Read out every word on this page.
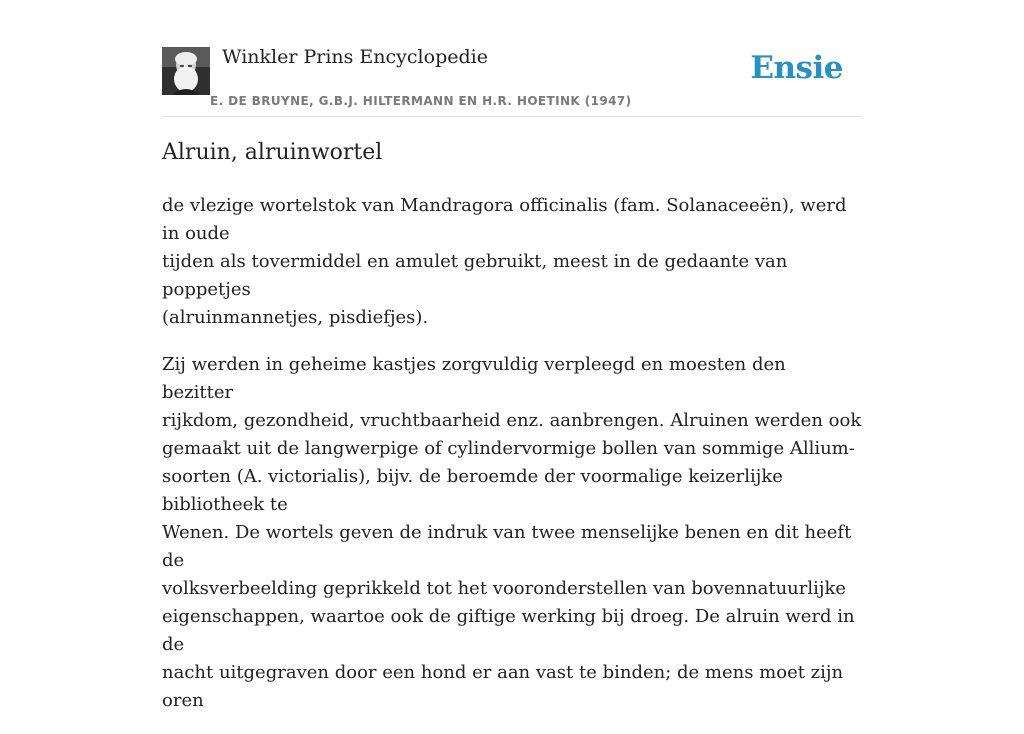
Winkler Prins Encyclopedie
E. DE BRUYNE, G.B.J. HILTERMANN EN H.R. HOETINK (1947)
Ensie
Alruin, alruinwortel

de vlezige wortelstok van Mandragora officinalis (fam. Solanaceeën), werd in oude
tijden als tovermiddel en amulet gebruikt, meest in de gedaante van poppetjes
(alruinmannetjes, pisdiefjes).

Zij werden in geheime kastjes zorgvuldig verpleegd en moesten den bezitter
rijkdom, gezondheid, vruchtbaarheid enz. aanbrengen. Alruinen werden ook
gemaakt uit de langwerpige of cylindervormige bollen van sommige Allium-
soorten (A. victorialis), bijv. de beroemde der voormalige keizerlijke bibliotheek te
Wenen. De wortels geven de indruk van twee menselijke benen en dit heeft de
volksverbeelding geprikkeld tot het vooronderstellen van bovennatuurlijke
eigenschappen, waartoe ook de giftige werking bij droeg. De alruin werd in de
nacht uitgegraven door een hond er aan vast te binden; de mens moet zijn oren
